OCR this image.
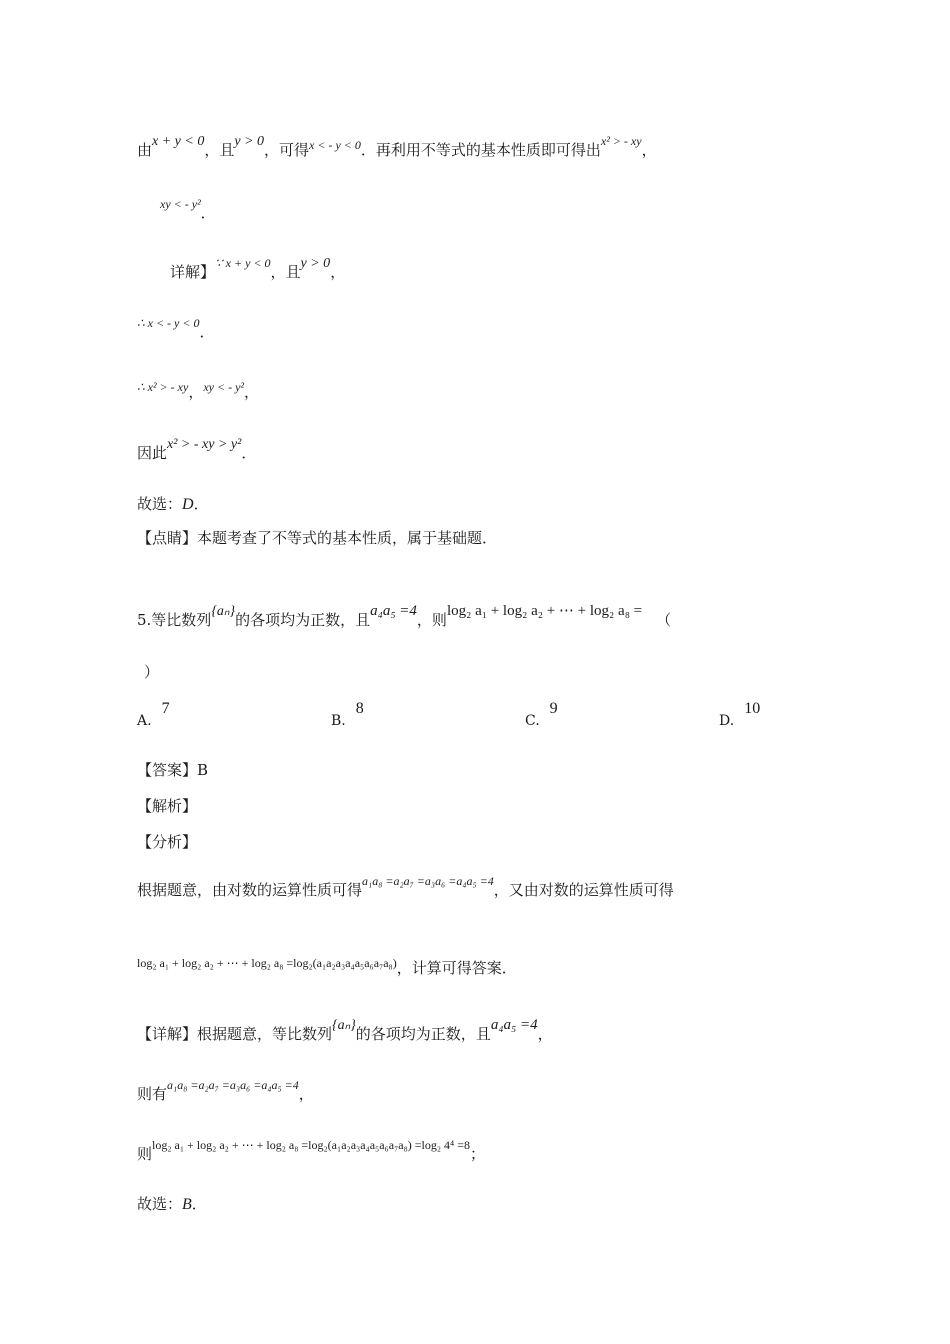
由x + y < 0，且y > 0，可得$^{x < - y < 0}$．再利用不等式的基本性质即可得出$^{x^2 > - xy}$，
$^{xy < - y^2}$．
详解】$^{\because x + y < 0}$，且y > 0，
$^{\therefore x < - y < 0}$．
$^{\therefore x^2 > - xy}$，$^{xy < - y^2}$，
因此x² > - xy > y²．
故选：D．
【点睛】本题考查了不等式的基本性质，属于基础题．
5.等比数列{aₙ}的各项均为正数，且a₄a₅ =4，则log₂ a₁ + log₂ a₂ + ⋯ + log₂ a₈ = （
）
A.7
B.8
C.9
D.10
【答案】B
【解析】
【分析】
根据题意，由对数的运算性质可得$^{a_1a_8 =a_2a_7 =a_3a_6 =a_4a_5 =4}$，又由对数的运算性质可得
$^{log_2 a_1 + log_2 a_2 + \cdots + log_2 a_8 =log_2(a_1a_2a_3a_4a_5a_6a_7a_8)}$，计算可得答案．
【详解】根据题意，等比数列{aₙ}的各项均为正数，且a₄a₅ =4，
则有$^{a_1a_8 =a_2a_7 =a_3a_6 =a_4a_5 =4}$，
则$^{log_2 a_1 + log_2 a_2 + \cdots + log_2 a_8 =log_2(a_1a_2a_3a_4a_5a_6a_7a_8) =log_2 4^4 =8}$；
故选：B．
